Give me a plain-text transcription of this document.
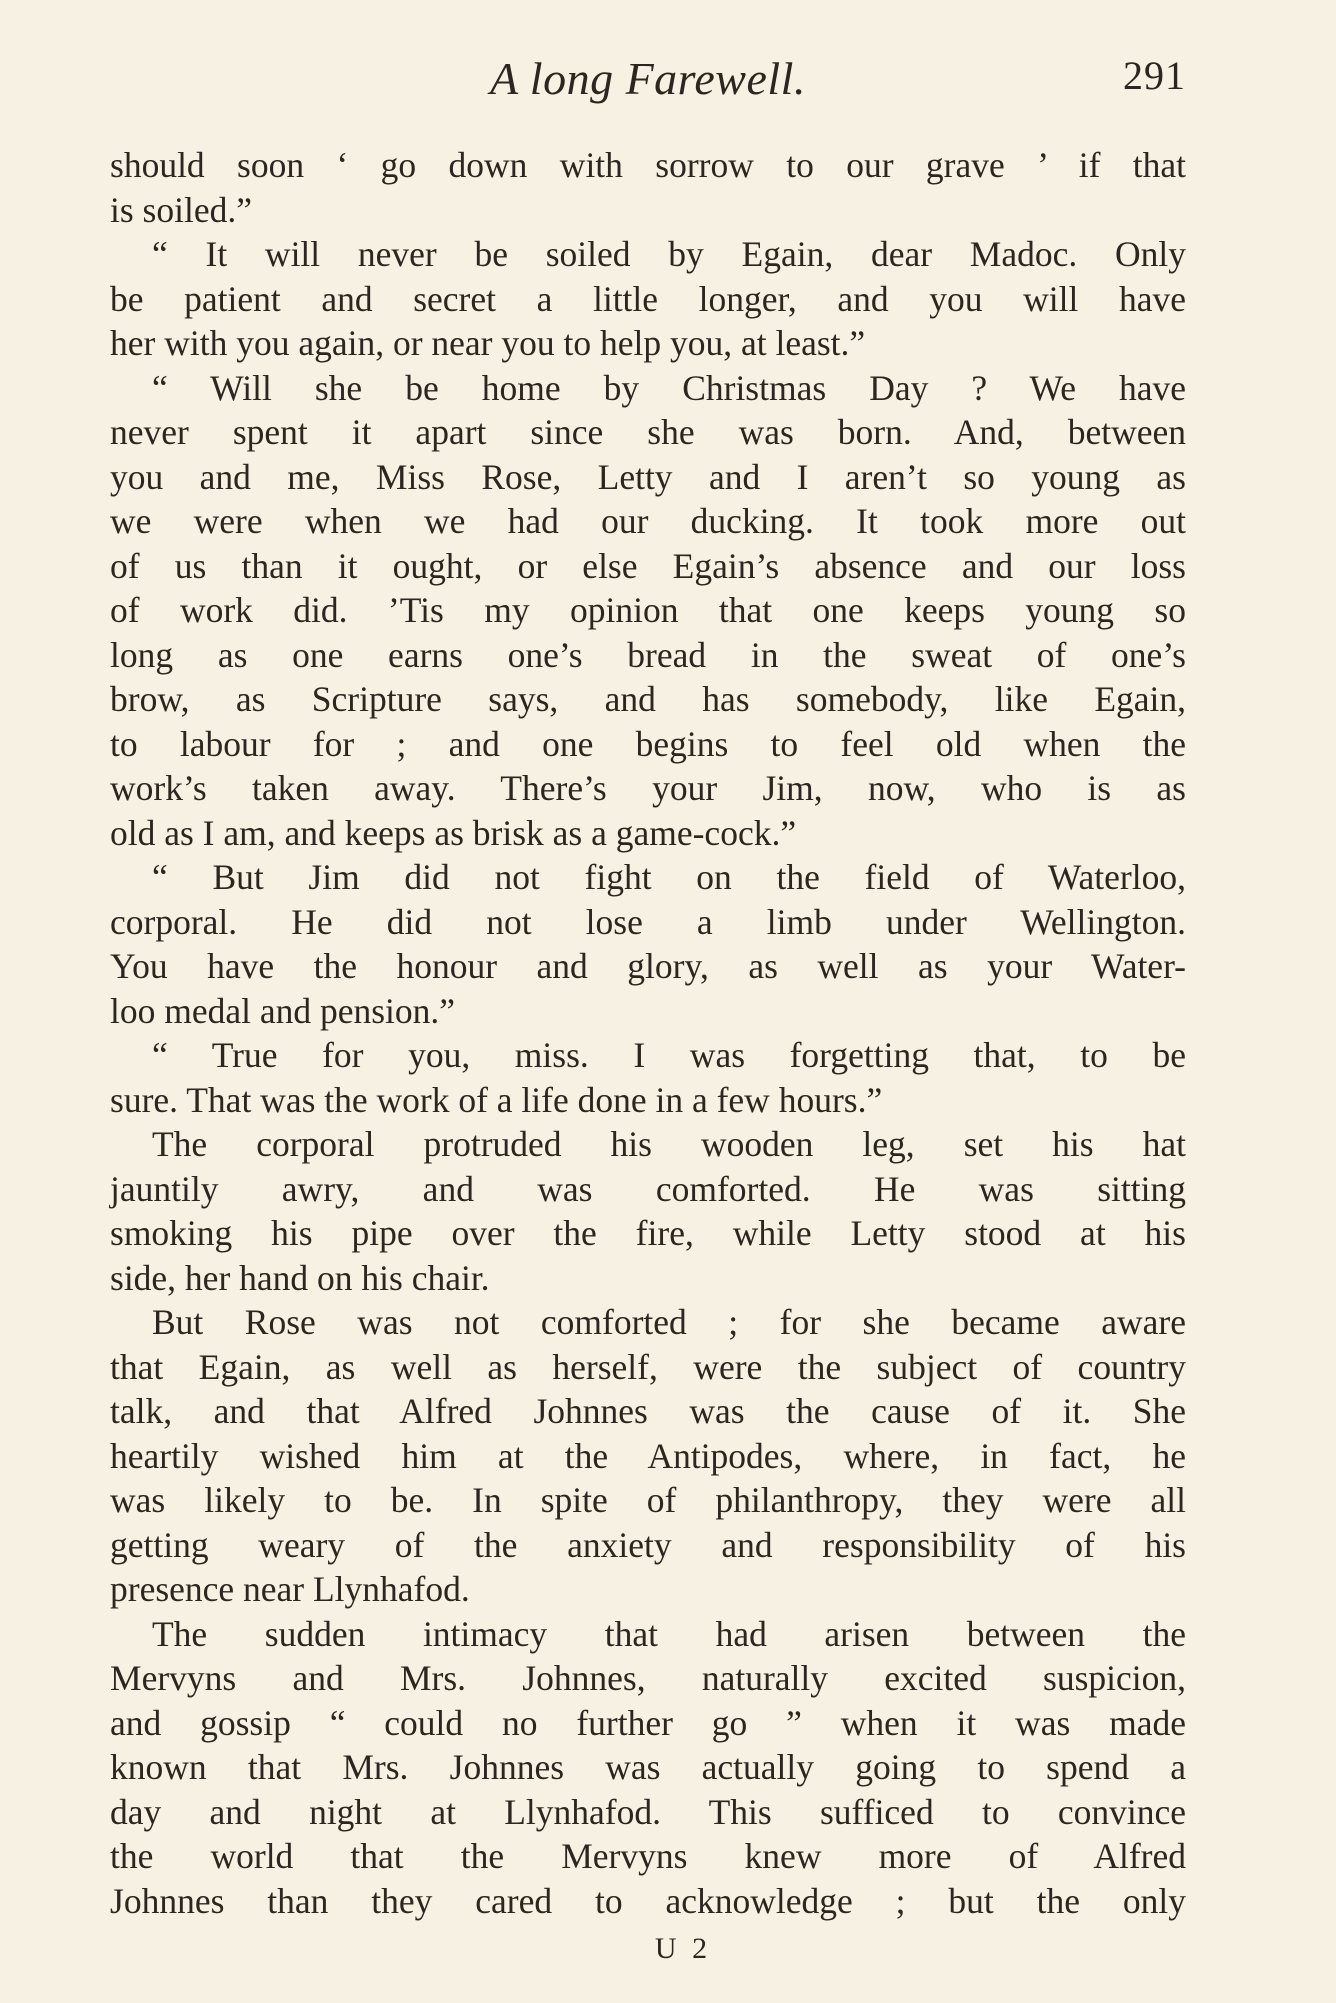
A long Farewell.	291
should soon ‘ go down with sorrow to our grave ’ if that
is soiled.”
“ It will never be soiled by Egain, dear Madoc. Only
be patient and secret a little longer, and you will have
her with you again, or near you to help you, at least.”
“ Will she be home by Christmas Day ? We have
never spent it apart since she was born. And, between
you and me, Miss Rose, Letty and I aren’t so young as
we were when we had our ducking. It took more out
of us than it ought, or else Egain’s absence and our loss
of work did. ’Tis my opinion that one keeps young so
long as one earns one’s bread in the sweat of one’s
brow, as Scripture says, and has somebody, like Egain,
to labour for ; and one begins to feel old when the
work’s taken away. There’s your Jim, now, who is as
old as I am, and keeps as brisk as a game-cock.”
“ But Jim did not fight on the field of Waterloo,
corporal. He did not lose a limb under Wellington.
You have the honour and glory, as well as your Water-
loo medal and pension.”
“ True for you, miss. I was forgetting that, to be
sure. That was the work of a life done in a few hours.”
The corporal protruded his wooden leg, set his hat
jauntily awry, and was comforted. He was sitting
smoking his pipe over the fire, while Letty stood at his
side, her hand on his chair.
But Rose was not comforted ; for she became aware
that Egain, as well as herself, were the subject of country
talk, and that Alfred Johnnes was the cause of it. She
heartily wished him at the Antipodes, where, in fact, he
was likely to be. In spite of philanthropy, they were all
getting weary of the anxiety and responsibility of his
presence near Llynhafod.
The sudden intimacy that had arisen between the
Mervyns and Mrs. Johnnes, naturally excited suspicion,
and gossip “ could no further go ” when it was made
known that Mrs. Johnnes was actually going to spend a
day and night at Llynhafod. This sufficed to convince
the world that the Mervyns knew more of Alfred
Johnnes than they cared to acknowledge ; but the only
U 2
